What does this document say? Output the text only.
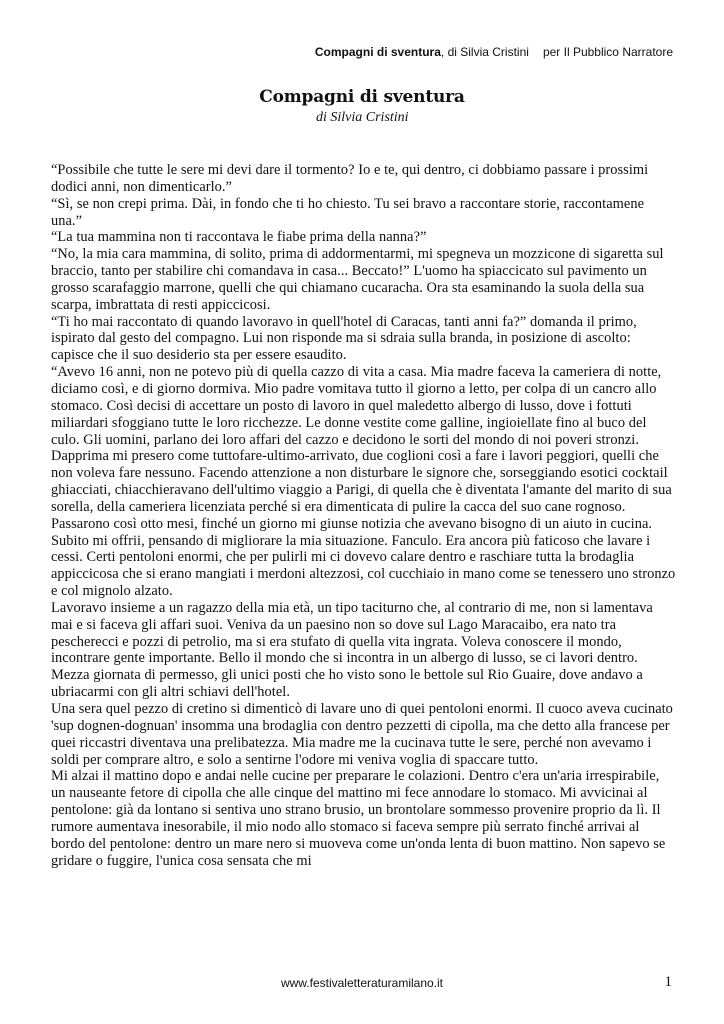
Compagni di sventura, di Silvia Cristini per Il Pubblico Narratore
Compagni di sventura
di Silvia Cristini

“Possibile che tutte le sere mi devi dare il tormento? Io e te, qui dentro, ci dobbiamo passare i prossimi dodici anni, non dimenticarlo.”

“Sì, se non crepi prima. Dài, in fondo che ti ho chiesto. Tu sei bravo a raccontare storie, raccontamene una.”

“La tua mammina non ti raccontava le fiabe prima della nanna?”

“No, la mia cara mammina, di solito, prima di addormentarmi, mi spegneva un mozzicone di sigaretta sul braccio, tanto per stabilire chi comandava in casa... Beccato!” L'uomo ha spiaccicato sul pavimento un grosso scarafaggio marrone, quelli che qui chiamano cucaracha. Ora sta esaminando la suola della sua scarpa, imbrattata di resti appiccicosi.

“Ti ho mai raccontato di quando lavoravo in quell'hotel di Caracas, tanti anni fa?” domanda il primo, ispirato dal gesto del compagno. Lui non risponde ma si sdraia sulla branda, in posizione di ascolto: capisce che il suo desiderio sta per essere esaudito.

“Avevo 16 anni, non ne potevo più di quella cazzo di vita a casa. Mia madre faceva la cameriera di notte, diciamo così, e di giorno dormiva. Mio padre vomitava tutto il giorno a letto, per colpa di un cancro allo stomaco. Così decisi di accettare un posto di lavoro in quel maledetto albergo di lusso, dove i fottuti miliardari sfoggiano tutte le loro ricchezze. Le donne vestite come galline, ingioiellate fino al buco del culo. Gli uomini, parlano dei loro affari del cazzo e decidono le sorti del mondo di noi poveri stronzi.

Dapprima mi presero come tuttofare-ultimo-arrivato, due coglioni così a fare i lavori peggiori, quelli che non voleva fare nessuno. Facendo attenzione a non disturbare le signore che, sorseggiando esotici cocktail ghiacciati, chiacchieravano dell'ultimo viaggio a Parigi, di quella che è diventata l'amante del marito di sua sorella, della cameriera licenziata perché si era dimenticata di pulire la cacca del suo cane rognoso.

Passarono così otto mesi, finché un giorno mi giunse notizia che avevano bisogno di un aiuto in cucina. Subito mi offrii, pensando di migliorare la mia situazione. Fanculo. Era ancora più faticoso che lavare i cessi. Certi pentoloni enormi, che per pulirli mi ci dovevo calare dentro e raschiare tutta la brodaglia appiccicosa che si erano mangiati i merdoni altezzosi, col cucchiaio in mano come se tenessero uno stronzo e col mignolo alzato.

Lavoravo insieme a un ragazzo della mia età, un tipo taciturno che, al contrario di me, non si lamentava mai e si faceva gli affari suoi. Veniva da un paesino non so dove sul Lago Maracaibo, era nato tra pescherecci e pozzi di petrolio, ma si era stufato di quella vita ingrata. Voleva conoscere il mondo, incontrare gente importante. Bello il mondo che si incontra in un albergo di lusso, se ci lavori dentro. Mezza giornata di permesso, gli unici posti che ho visto sono le bettole sul Rio Guaire, dove andavo a ubriacarmi con gli altri schiavi dell'hotel.

Una sera quel pezzo di cretino si dimenticò di lavare uno di quei pentoloni enormi. Il cuoco aveva cucinato 'sup dognen-dognuan' insomma una brodaglia con dentro pezzetti di cipolla, ma che detto alla francese per quei riccastri diventava una prelibatezza. Mia madre me la cucinava tutte le sere, perché non avevamo i soldi per comprare altro, e solo a sentirne l'odore mi veniva voglia di spaccare tutto.

Mi alzai il mattino dopo e andai nelle cucine per preparare le colazioni. Dentro c'era un'aria irrespirabile, un nauseante fetore di cipolla che alle cinque del mattino mi fece annodare lo stomaco. Mi avvicinai al pentolone: già da lontano si sentiva uno strano brusio, un brontolare sommesso provenire proprio da lì. Il rumore aumentava inesorabile, il mio nodo allo stomaco si faceva sempre più serrato finché arrivai al bordo del pentolone: dentro un mare nero si muoveva come un'onda lenta di buon mattino. Non sapevo se gridare o fuggire, l'unica cosa sensata che mi

www.festivaletteraturamilano.it	1
